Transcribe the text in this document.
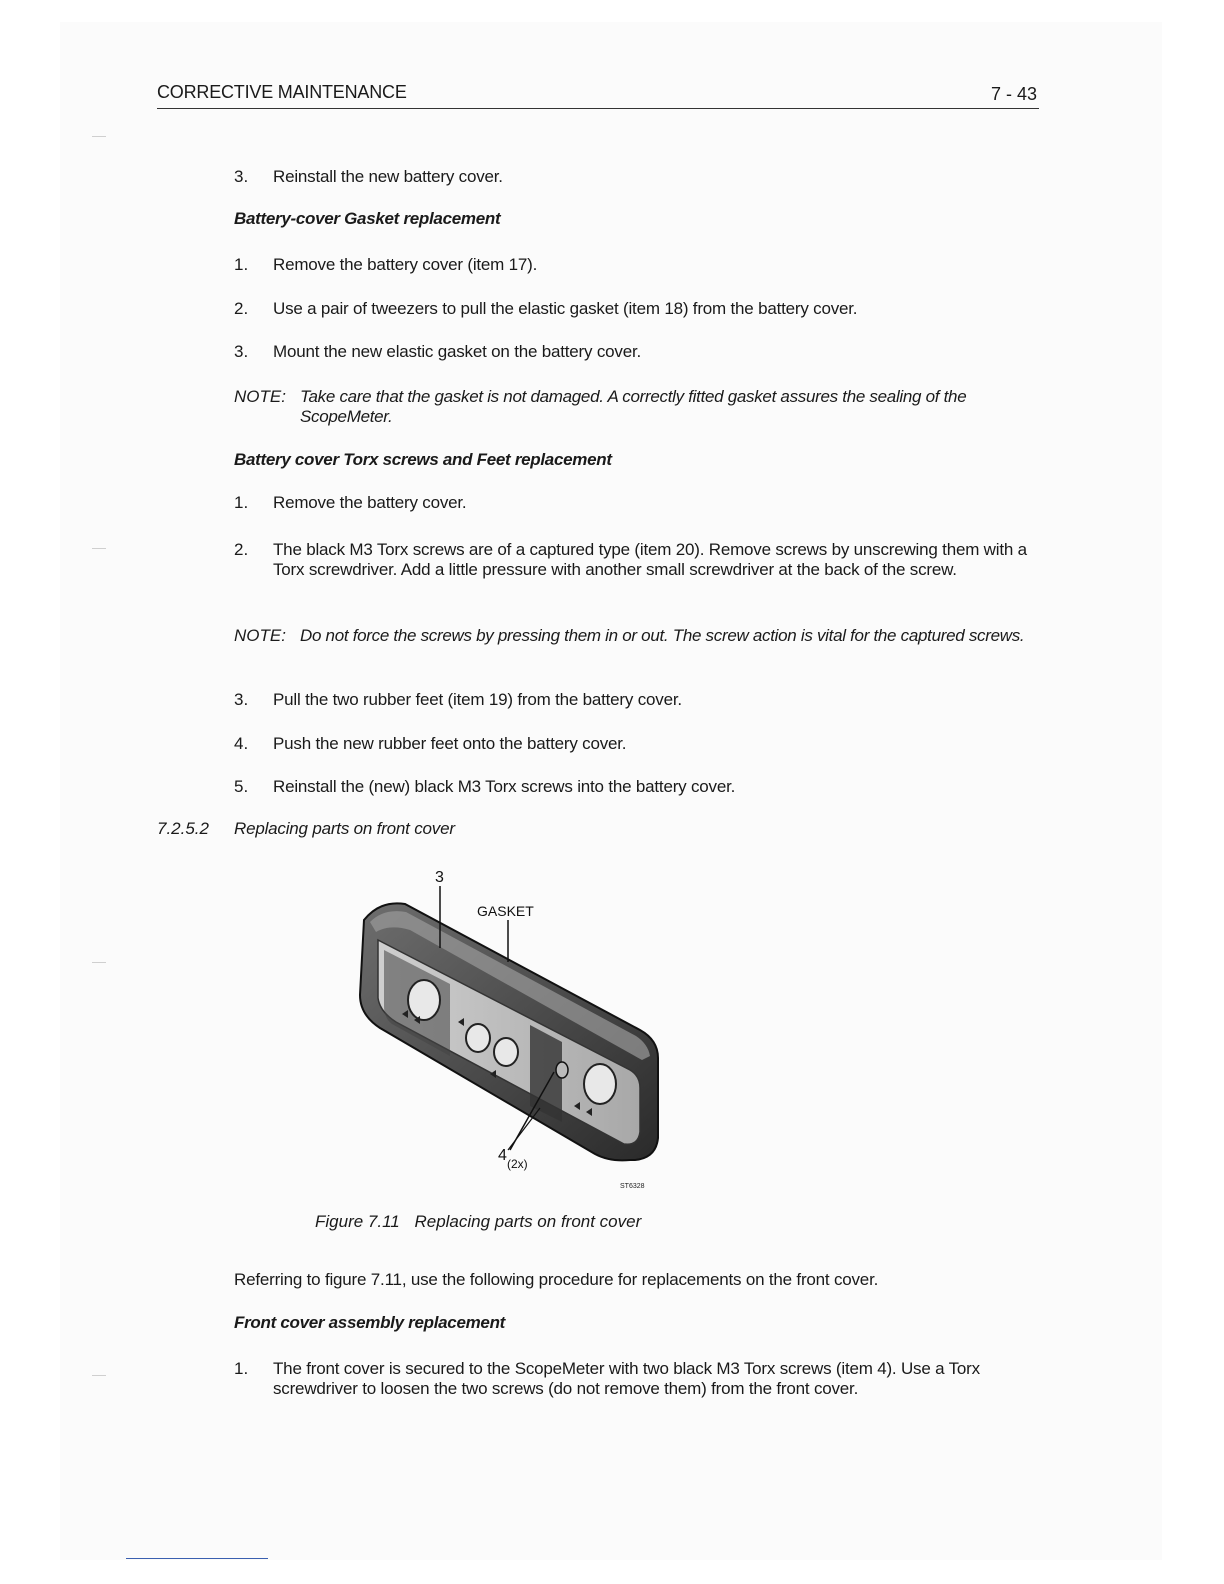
CORRECTIVE MAINTENANCE	7 - 43
3. Reinstall the new battery cover.
Battery-cover Gasket replacement
1. Remove the battery cover (item 17).
2. Use a pair of tweezers to pull the elastic gasket (item 18) from the battery cover.
3. Mount the new elastic gasket on the battery cover.
NOTE: Take care that the gasket is not damaged. A correctly fitted gasket assures the sealing of the ScopeMeter.
Battery cover Torx screws and Feet replacement
1. Remove the battery cover.
2. The black M3 Torx screws are of a captured type (item 20). Remove screws by unscrewing them with a Torx screwdriver. Add a little pressure with another small screwdriver at the back of the screw.
NOTE: Do not force the screws by pressing them in or out. The screw action is vital for the captured screws.
3. Pull the two rubber feet (item 19) from the battery cover.
4. Push the new rubber feet onto the battery cover.
5. Reinstall the (new) black M3 Torx screws into the battery cover.
7.2.5.2 Replacing parts on front cover
3
GASKET
4 (2x)
ST6328
Figure 7.11 Replacing parts on front cover
Referring to figure 7.11, use the following procedure for replacements on the front cover.
Front cover assembly replacement
1. The front cover is secured to the ScopeMeter with two black M3 Torx screws (item 4). Use a Torx screwdriver to loosen the two screws (do not remove them) from the front cover.
